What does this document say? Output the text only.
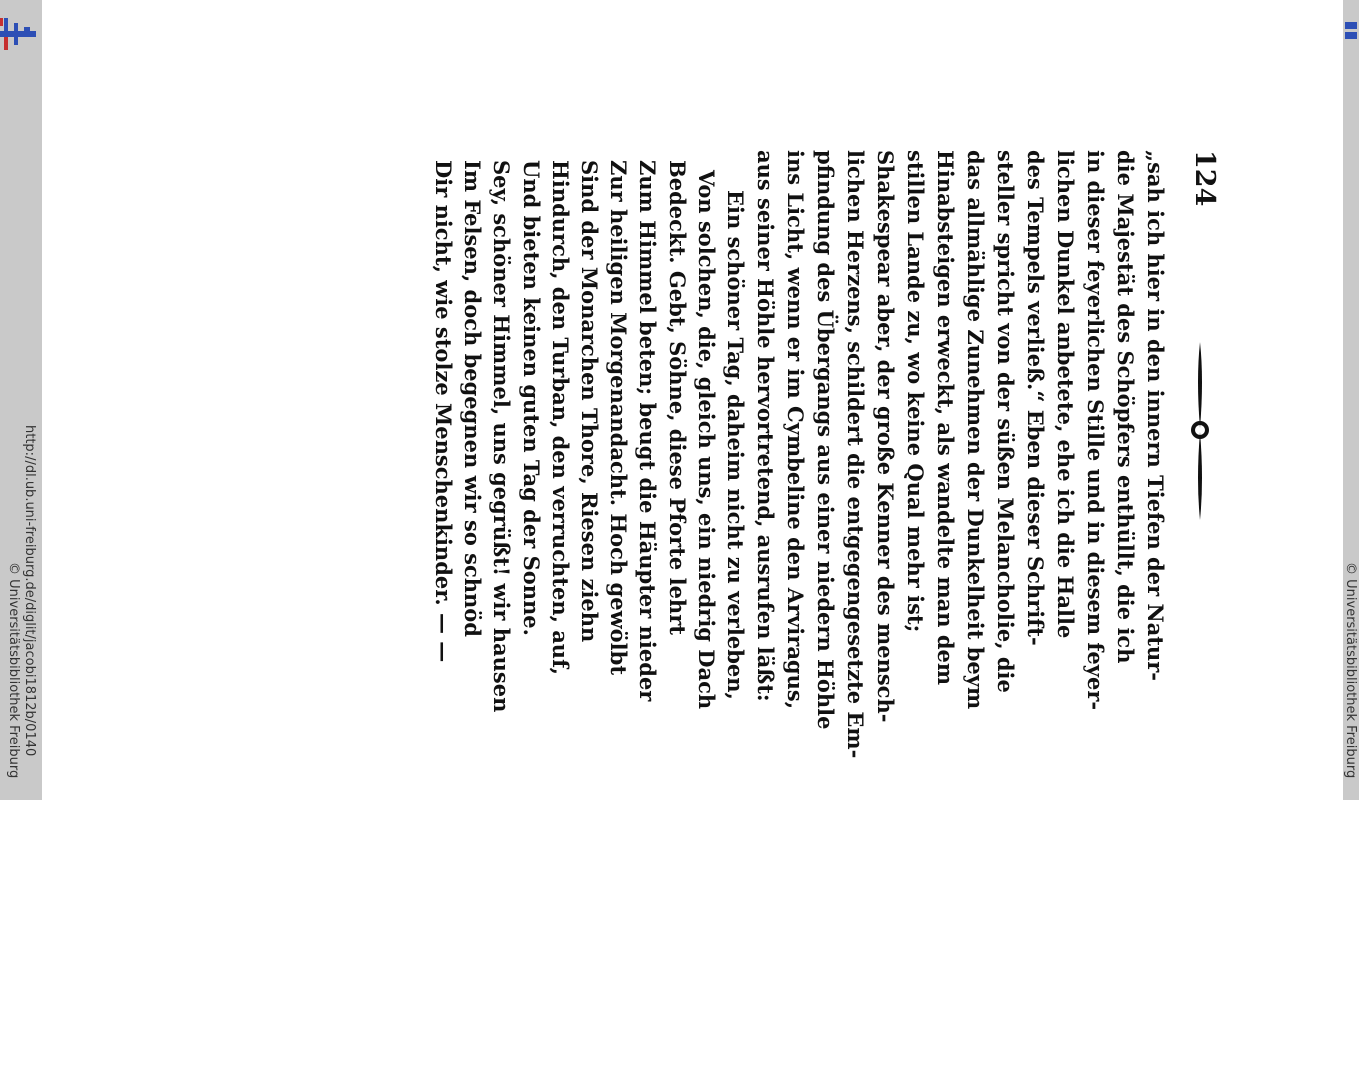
http://dl.ub.uni-freiburg.de/diglit/jacobi1812b/0140
© Universitätsbibliothek Freiburg	© Universitätsbibliothek Freiburg
124
„sah ich hier in den innern Tiefen der Natur-
die Majestät des Schöpfers enthüllt, die ich
in dieser feyerlichen Stille und in diesem feyer-
lichen Dunkel anbetete, ehe ich die Halle
des Tempels verließ.“ Eben dieser Schrift-
steller spricht von der süßen Melancholie, die
das allmählige Zunehmen der Dunkelheit beym
Hinabsteigen erweckt, als wandelte man dem
stillen Lande zu, wo keine Qual mehr ist;
Shakespear aber, der große Kenner des mensch-
lichen Herzens, schildert die entgegengesetzte Em-
pfindung des Übergangs aus einer niedern Höhle
ins Licht, wenn er im Cymbeline den Arviragus,
aus seiner Höhle hervortretend, ausrufen läßt:
Ein schöner Tag, daheim nicht zu verleben,
Von solchen, die, gleich uns, ein niedrig Dach
Bedeckt. Gebt, Söhne, diese Pforte lehrt
Zum Himmel beten; beugt die Häupter nieder
Zur heiligen Morgenandacht. Hoch gewölbt
Sind der Monarchen Thore, Riesen ziehn
Hindurch, den Turban, den verruchten, auf,
Und bieten keinen guten Tag der Sonne.
Sey, schöner Himmel, uns gegrüßt! wir hausen
Im Felsen, doch begegnen wir so schnöd
Dir nicht, wie stolze Menschenkinder. — —
